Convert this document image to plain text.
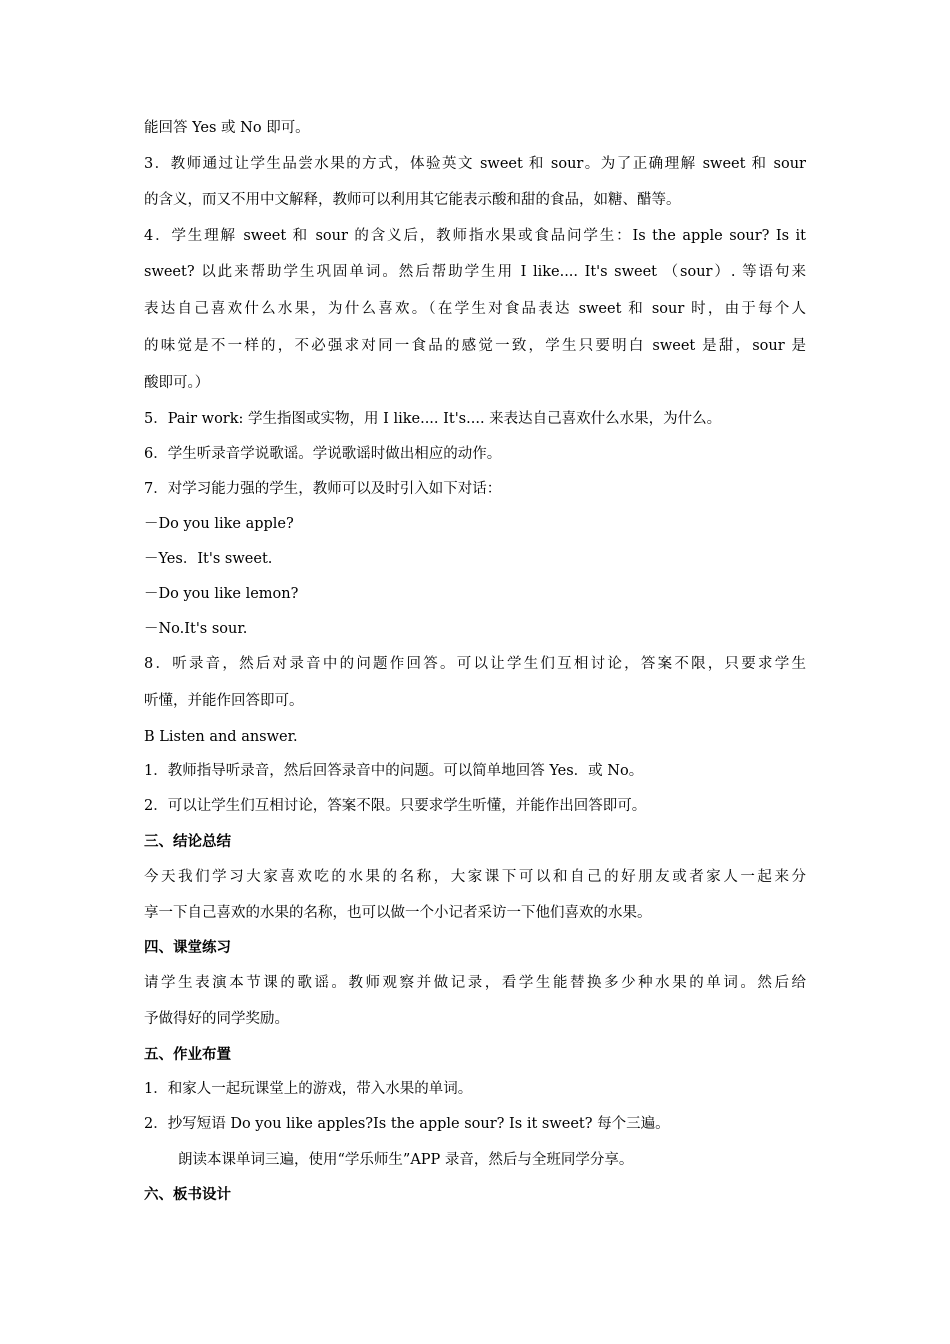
能回答 Yes 或 No 即可。
3．教师通过让学生品尝水果的方式，体验英文 sweet 和 sour。为了正确理解 sweet 和 sour
的含义，而又不用中文解释，教师可以利用其它能表示酸和甜的食品，如糖、醋等。
4．学生理解 sweet 和 sour 的含义后，教师指水果或食品问学生：Is the apple sour? Is it
sweet? 以此来帮助学生巩固单词。然后帮助学生用 I like.... It's sweet （sour）. 等语句来
表达自己喜欢什么水果，为什么喜欢。（在学生对食品表达 sweet 和 sour 时，由于每个人
的味觉是不一样的，不必强求对同一食品的感觉一致，学生只要明白 sweet 是甜，sour 是
酸即可。）
5．Pair work: 学生指图或实物，用 I like.... It's.... 来表达自己喜欢什么水果，为什么。
6．学生听录音学说歌谣。学说歌谣时做出相应的动作。
7．对学习能力强的学生，教师可以及时引入如下对话：
－Do you like apple?
－Yes．It's sweet.
－Do you like lemon?
－No.It's sour.
8．听录音，然后对录音中的问题作回答。可以让学生们互相讨论，答案不限，只要求学生
听懂，并能作回答即可。
B Listen and answer.
1．教师指导听录音，然后回答录音中的问题。可以简单地回答 Yes．或 No。
2．可以让学生们互相讨论，答案不限。只要求学生听懂，并能作出回答即可。
三、结论总结
今天我们学习大家喜欢吃的水果的名称，大家课下可以和自己的好朋友或者家人一起来分
享一下自己喜欢的水果的名称，也可以做一个小记者采访一下他们喜欢的水果。
四、课堂练习
请学生表演本节课的歌谣。教师观察并做记录，看学生能替换多少种水果的单词。然后给
予做得好的同学奖励。
五、作业布置
1．和家人一起玩课堂上的游戏，带入水果的单词。
2．抄写短语 Do you like apples?Is the apple sour? Is it sweet? 每个三遍。
朗读本课单词三遍，使用“学乐师生”APP 录音，然后与全班同学分享。
六、板书设计
